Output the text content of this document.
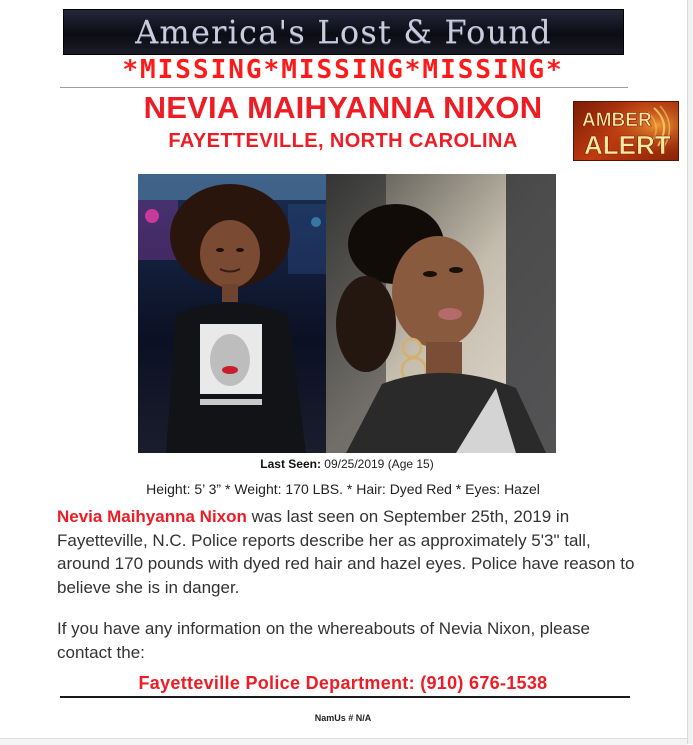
America's Lost & Found
*MISSING*MISSING*MISSING*
NEVIA MAIHYANNA NIXON
FAYETTEVILLE, NORTH CAROLINA
AMBER
ALERT
Last Seen: 09/25/2019 (Age 15)
Height: 5’ 3” * Weight: 170 LBS. * Hair: Dyed Red * Eyes: Hazel
Nevia Maihyanna Nixon was last seen on September 25th, 2019 in Fayetteville, N.C. Police reports describe her as approximately 5'3" tall, around 170 pounds with dyed red hair and hazel eyes. Police have reason to believe she is in danger.
If you have any information on the whereabouts of Nevia Nixon, please contact the:
Fayetteville Police Department: (910) 676-1538
NamUs # N/A
